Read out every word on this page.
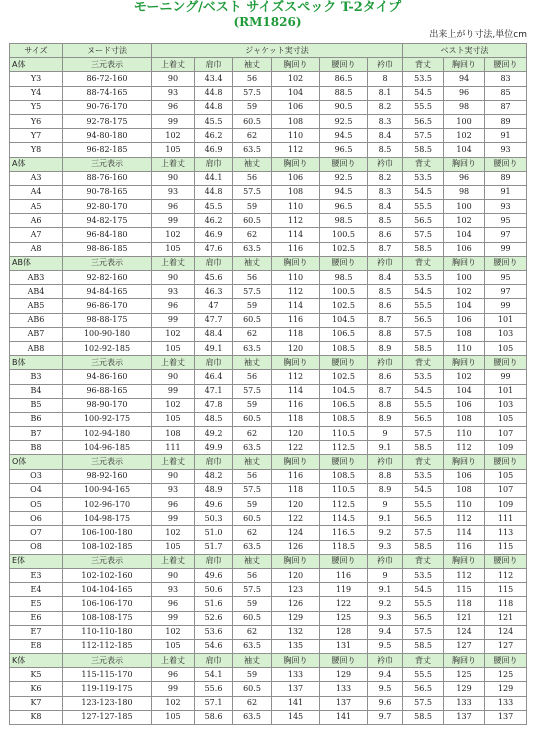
モーニング/ベスト サイズスペック T-2タイプ
(RM1826)
出来上がり寸法,単位cm
サイズ	ヌード寸法	ジャケット実寸法						ベスト実寸法		
A体	三元表示	上着丈	肩巾	袖丈	胸回り	腰回り	衿巾	背丈	胸回り	腰回り
Y3	86-72-160	90	43.4	56	102	86.5	8	53.5	94	83
Y4	88-74-165	93	44.8	57.5	104	88.5	8.1	54.5	96	85
Y5	90-76-170	96	44.8	59	106	90.5	8.2	55.5	98	87
Y6	92-78-175	99	45.5	60.5	108	92.5	8.3	56.5	100	89
Y7	94-80-180	102	46.2	62	110	94.5	8.4	57.5	102	91
Y8	96-82-185	105	46.9	63.5	112	96.5	8.5	58.5	104	93
A体	三元表示	上着丈	肩巾	袖丈	胸回り	腰回り	衿巾	背丈	胸回り	腰回り
A3	88-76-160	90	44.1	56	106	92.5	8.2	53.5	96	89
A4	90-78-165	93	44.8	57.5	108	94.5	8.3	54.5	98	91
A5	92-80-170	96	45.5	59	110	96.5	8.4	55.5	100	93
A6	94-82-175	99	46.2	60.5	112	98.5	8.5	56.5	102	95
A7	96-84-180	102	46.9	62	114	100.5	8.6	57.5	104	97
A8	98-86-185	105	47.6	63.5	116	102.5	8.7	58.5	106	99
AB体	三元表示	上着丈	肩巾	袖丈	胸回り	腰回り	衿巾	背丈	胸回り	腰回り
AB3	92-82-160	90	45.6	56	110	98.5	8.4	53.5	100	95
AB4	94-84-165	93	46.3	57.5	112	100.5	8.5	54.5	102	97
AB5	96-86-170	96	47	59	114	102.5	8.6	55.5	104	99
AB6	98-88-175	99	47.7	60.5	116	104.5	8.7	56.5	106	101
AB7	100-90-180	102	48.4	62	118	106.5	8.8	57.5	108	103
AB8	102-92-185	105	49.1	63.5	120	108.5	8.9	58.5	110	105
B体	三元表示	上着丈	肩巾	袖丈	胸回り	腰回り	衿巾	背丈	胸回り	腰回り
B3	94-86-160	90	46.4	56	112	102.5	8.6	53.5	102	99
B4	96-88-165	99	47.1	57.5	114	104.5	8.7	54.5	104	101
B5	98-90-170	102	47.8	59	116	106.5	8.8	55.5	106	103
B6	100-92-175	105	48.5	60.5	118	108.5	8.9	56.5	108	105
B7	102-94-180	108	49.2	62	120	110.5	9	57.5	110	107
B8	104-96-185	111	49.9	63.5	122	112.5	9.1	58.5	112	109
O体	三元表示	上着丈	肩巾	袖丈	胸回り	腰回り	衿巾	背丈	胸回り	腰回り
O3	98-92-160	90	48.2	56	116	108.5	8.8	53.5	106	105
O4	100-94-165	93	48.9	57.5	118	110.5	8.9	54.5	108	107
O5	102-96-170	96	49.6	59	120	112.5	9	55.5	110	109
O6	104-98-175	99	50.3	60.5	122	114.5	9.1	56.5	112	111
O7	106-100-180	102	51.0	62	124	116.5	9.2	57.5	114	113
O8	108-102-185	105	51.7	63.5	126	118.5	9.3	58.5	116	115
E体	三元表示	上着丈	肩巾	袖丈	胸回り	腰回り	衿巾	背丈	胸回り	腰回り
E3	102-102-160	90	49.6	56	120	116	9	53.5	112	112
E4	104-104-165	93	50.6	57.5	123	119	9.1	54.5	115	115
E5	106-106-170	96	51.6	59	126	122	9.2	55.5	118	118
E6	108-108-175	99	52.6	60.5	129	125	9.3	56.5	121	121
E7	110-110-180	102	53.6	62	132	128	9.4	57.5	124	124
E8	112-112-185	105	54.6	63.5	135	131	9.5	58.5	127	127
K体	三元表示	上着丈	肩巾	袖丈	胸回り	腰回り	衿巾	背丈	胸回り	腰回り
K5	115-115-170	96	54.1	59	133	129	9.4	55.5	125	125
K6	119-119-175	99	55.6	60.5	137	133	9.5	56.5	129	129
K7	123-123-180	102	57.1	62	141	137	9.6	57.5	133	133
K8	127-127-185	105	58.6	63.5	145	141	9.7	58.5	137	137
